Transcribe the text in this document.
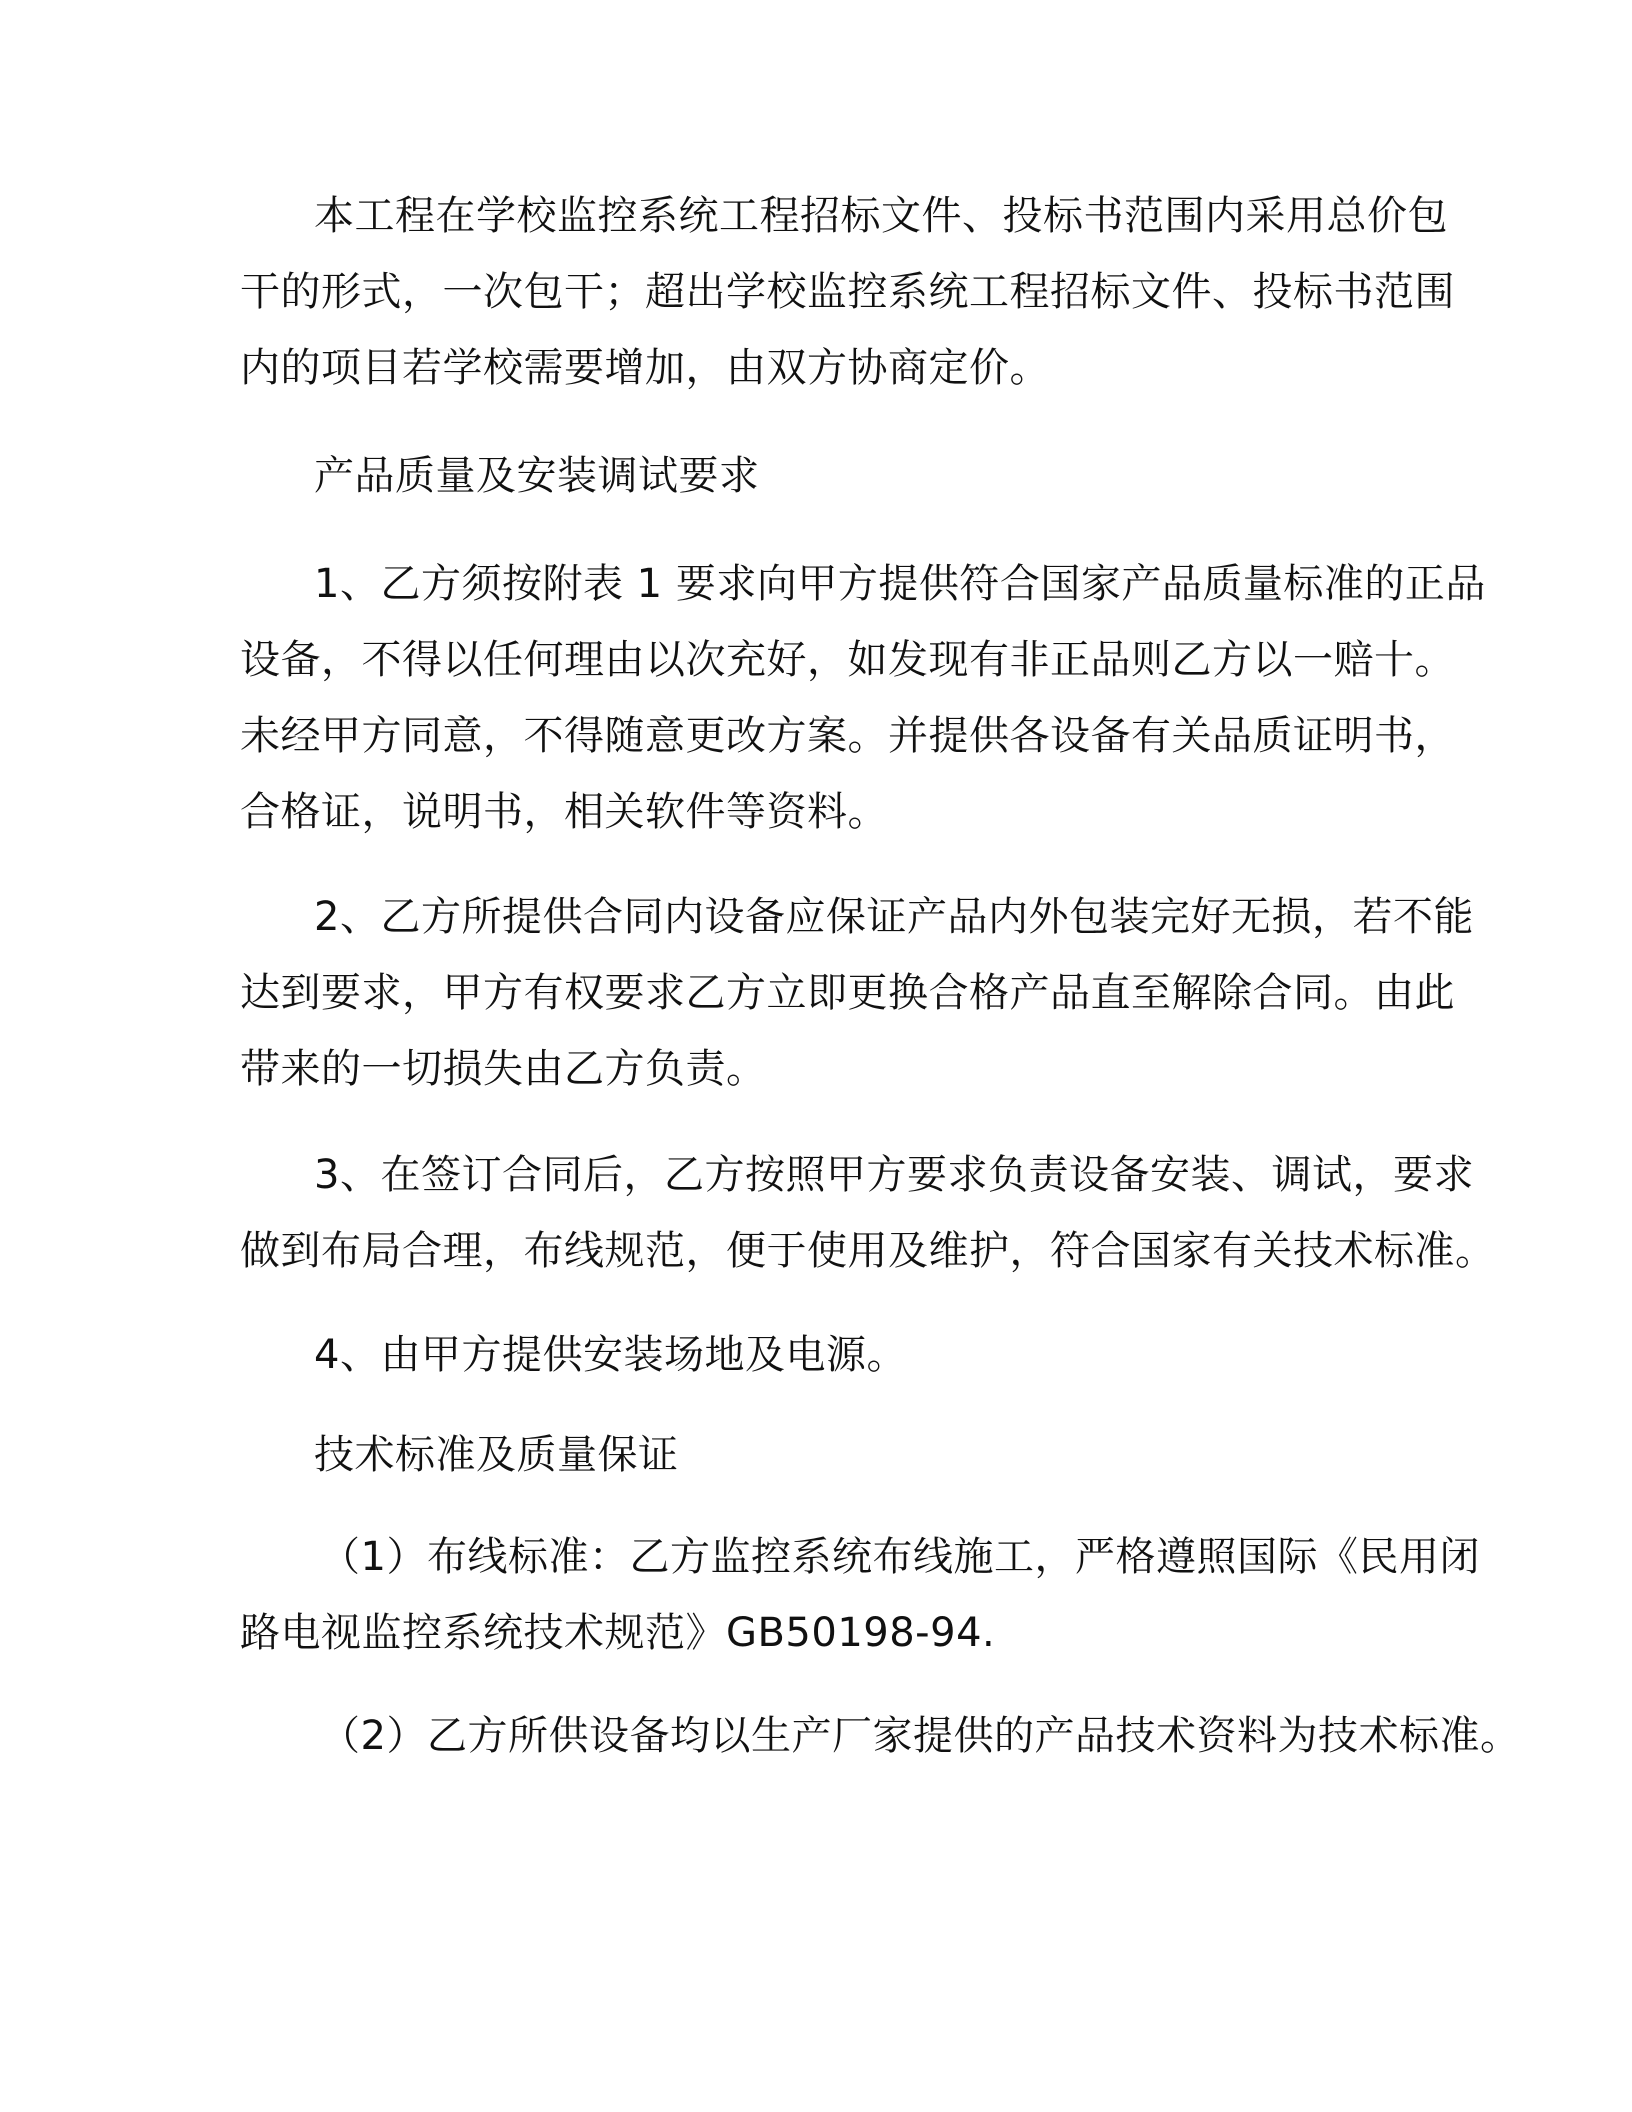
本工程在学校监控系统工程招标文件、投标书范围内采用总价包
干的形式，一次包干；超出学校监控系统工程招标文件、投标书范围
内的项目若学校需要增加，由双方协商定价。
产品质量及安装调试要求
1、乙方须按附表 1 要求向甲方提供符合国家产品质量标准的正品
设备，不得以任何理由以次充好，如发现有非正品则乙方以一赔十。
未经甲方同意，不得随意更改方案。并提供各设备有关品质证明书，
合格证，说明书，相关软件等资料。
2、乙方所提供合同内设备应保证产品内外包装完好无损，若不能
达到要求，甲方有权要求乙方立即更换合格产品直至解除合同。由此
带来的一切损失由乙方负责。
3、在签订合同后，乙方按照甲方要求负责设备安装、调试，要求
做到布局合理，布线规范，便于使用及维护，符合国家有关技术标准。
4、由甲方提供安装场地及电源。
技术标准及质量保证
（1）布线标准：乙方监控系统布线施工，严格遵照国际《民用闭
路电视监控系统技术规范》GB50198-94.
（2）乙方所供设备均以生产厂家提供的产品技术资料为技术标准。
